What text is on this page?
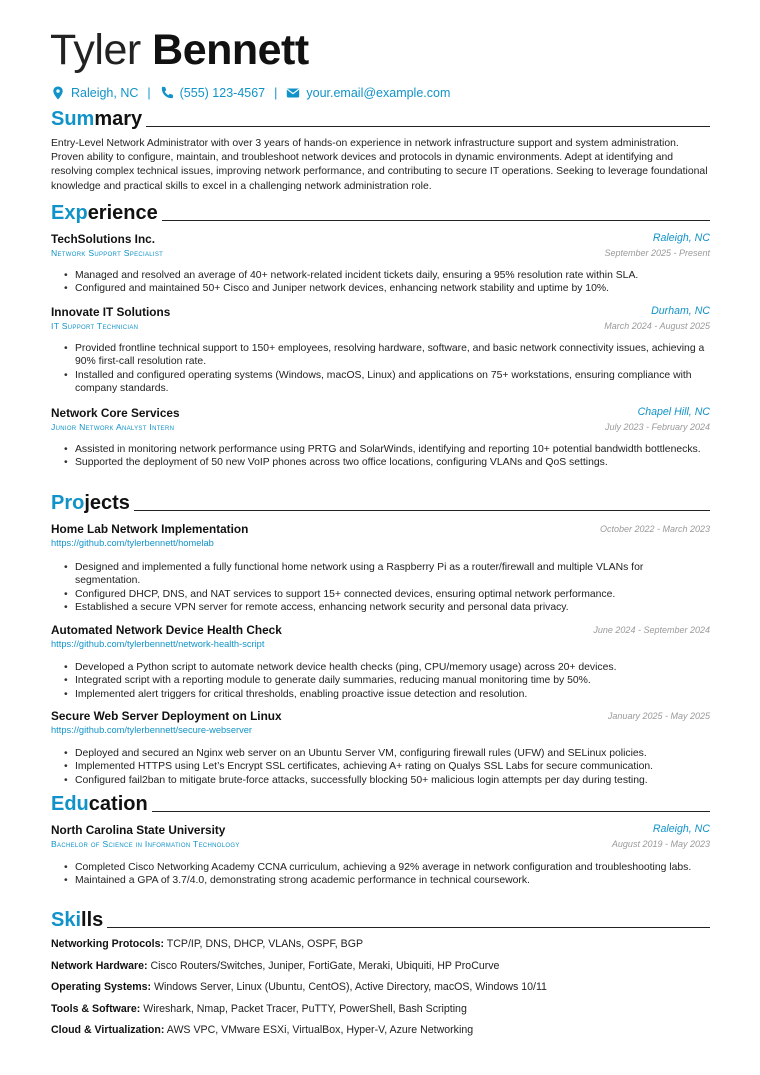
Tyler Bennett
Raleigh, NC | (555) 123-4567 | your.email@example.com
Summary
Entry-Level Network Administrator with over 3 years of hands-on experience in network infrastructure support and system administration. Proven ability to configure, maintain, and troubleshoot network devices and protocols in dynamic environments. Adept at identifying and resolving complex technical issues, improving network performance, and contributing to secure IT operations. Seeking to leverage foundational knowledge and practical skills to excel in a challenging network administration role.
Experience
TechSolutions Inc.	Raleigh, NC
Network Support Specialist	September 2025 - Present
• Managed and resolved an average of 40+ network-related incident tickets daily, ensuring a 95% resolution rate within SLA.
• Configured and maintained 50+ Cisco and Juniper network devices, enhancing network stability and uptime by 10%.
Innovate IT Solutions	Durham, NC
IT Support Technician	March 2024 - August 2025
• Provided frontline technical support to 150+ employees, resolving hardware, software, and basic network connectivity issues, achieving a 90% first-call resolution rate.
• Installed and configured operating systems (Windows, macOS, Linux) and applications on 75+ workstations, ensuring compliance with company standards.
Network Core Services	Chapel Hill, NC
Junior Network Analyst Intern	July 2023 - February 2024
• Assisted in monitoring network performance using PRTG and SolarWinds, identifying and reporting 10+ potential bandwidth bottlenecks.
• Supported the deployment of 50 new VoIP phones across two office locations, configuring VLANs and QoS settings.
Projects
Home Lab Network Implementation	October 2022 - March 2023
https://github.com/tylerbennett/homelab
• Designed and implemented a fully functional home network using a Raspberry Pi as a router/firewall and multiple VLANs for segmentation.
• Configured DHCP, DNS, and NAT services to support 15+ connected devices, ensuring optimal network performance.
• Established a secure VPN server for remote access, enhancing network security and personal data privacy.
Automated Network Device Health Check	June 2024 - September 2024
https://github.com/tylerbennett/network-health-script
• Developed a Python script to automate network device health checks (ping, CPU/memory usage) across 20+ devices.
• Integrated script with a reporting module to generate daily summaries, reducing manual monitoring time by 50%.
• Implemented alert triggers for critical thresholds, enabling proactive issue detection and resolution.
Secure Web Server Deployment on Linux	January 2025 - May 2025
https://github.com/tylerbennett/secure-webserver
• Deployed and secured an Nginx web server on an Ubuntu Server VM, configuring firewall rules (UFW) and SELinux policies.
• Implemented HTTPS using Let’s Encrypt SSL certificates, achieving A+ rating on Qualys SSL Labs for secure communication.
• Configured fail2ban to mitigate brute-force attacks, successfully blocking 50+ malicious login attempts per day during testing.
Education
North Carolina State University	Raleigh, NC
Bachelor of Science in Information Technology	August 2019 - May 2023
• Completed Cisco Networking Academy CCNA curriculum, achieving a 92% average in network configuration and troubleshooting labs.
• Maintained a GPA of 3.7/4.0, demonstrating strong academic performance in technical coursework.
Skills
Networking Protocols: TCP/IP, DNS, DHCP, VLANs, OSPF, BGP
Network Hardware: Cisco Routers/Switches, Juniper, FortiGate, Meraki, Ubiquiti, HP ProCurve
Operating Systems: Windows Server, Linux (Ubuntu, CentOS), Active Directory, macOS, Windows 10/11
Tools & Software: Wireshark, Nmap, Packet Tracer, PuTTY, PowerShell, Bash Scripting
Cloud & Virtualization: AWS VPC, VMware ESXi, VirtualBox, Hyper-V, Azure Networking
